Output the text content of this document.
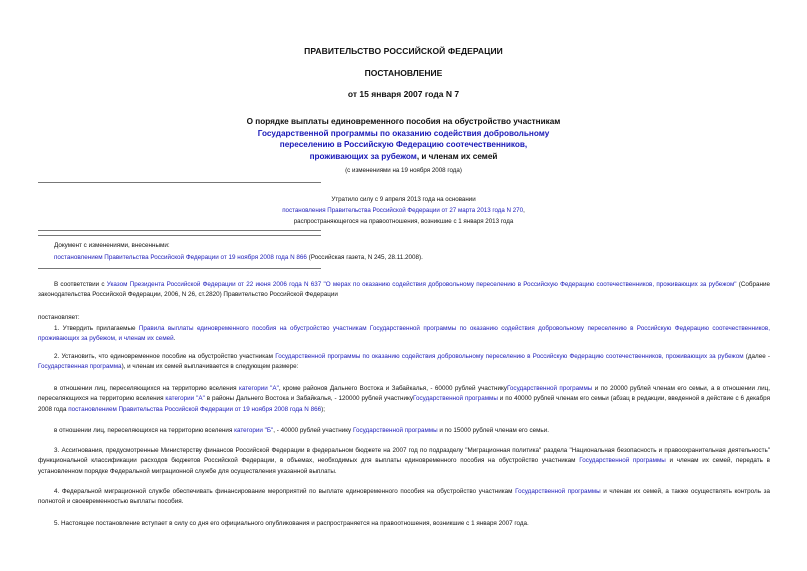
ПРАВИТЕЛЬСТВО РОССИЙСКОЙ ФЕДЕРАЦИИ
ПОСТАНОВЛЕНИЕ
от 15 января 2007 года N 7
О порядке выплаты единовременного пособия на обустройство участникам
Государственной программы по оказанию содействия добровольному
переселению в Российскую Федерацию соотечественников,
проживающих за рубежом, и членам их семей
(с изменениями на 19 ноября 2008 года)
Утратило силу с 9 апреля 2013 года на основании
постановления Правительства Российской Федерации от 27 марта 2013 года N 270,
распространяющегося на правоотношения, возникшие с 1 января 2013 года
Документ с изменениями, внесенными:
постановлением Правительства Российской Федерации от 19 ноября 2008 года N 866 (Российская газета, N 245, 28.11.2008).
В соответствии с Указом Президента Российской Федерации от 22 июня 2006 года N 637 "О мерах по оказанию содействия добровольному переселению в Российскую Федерацию соотечественников, проживающих за рубежом" (Собрание законодательства Российской Федерации, 2006, N 26, ст.2820) Правительство Российской Федерации
постановляет:
1. Утвердить прилагаемые Правила выплаты единовременного пособия на обустройство участникам Государственной программы по оказанию содействия добровольному переселению в Российскую Федерацию соотечественников, проживающих за рубежом, и членам их семей.
2. Установить, что единовременное пособие на обустройство участникам Государственной программы по оказанию содействия добровольному переселению в Российскую Федерацию соотечественников, проживающих за рубежом (далее - Государственная программа), и членам их семей выплачивается в следующем размере:
в отношении лиц, переселяющихся на территорию вселения категории "А", кроме районов Дальнего Востока и Забайкалья, - 60000 рублей участникуГосударственной программы и по 20000 рублей членам его семьи, а в отношении лиц, переселяющихся на территорию вселения категории "А" в районы Дальнего Востока и Забайкалья, - 120000 рублей участникуГосударственной программы и по 40000 рублей членам его семьи (абзац в редакции, введенной в действие с 6 декабря 2008 года постановлением Правительства Российской Федерации от 19 ноября 2008 года N 866);
в отношении лиц, переселяющихся на территорию вселения категории "Б", - 40000 рублей участнику Государственной программы и по 15000 рублей членам его семьи.
3. Ассигнования, предусмотренные Министерству финансов Российской Федерации в федеральном бюджете на 2007 год по подразделу "Миграционная политика" раздела "Национальная безопасность и правоохранительная деятельность" функциональной классификации расходов бюджетов Российской Федерации, в объемах, необходимых для выплаты единовременного пособия на обустройство участникам Государственной программы и членам их семей, передать в установленном порядке Федеральной миграционной службе для осуществления указанной выплаты.
4. Федеральной миграционной службе обеспечивать финансирование мероприятий по выплате единовременного пособия на обустройство участникам Государственной программы и членам их семей, а также осуществлять контроль за полнотой и своевременностью выплаты пособия.
5. Настоящее постановление вступает в силу со дня его официального опубликования и распространяется на правоотношения, возникшие с 1 января 2007 года.
